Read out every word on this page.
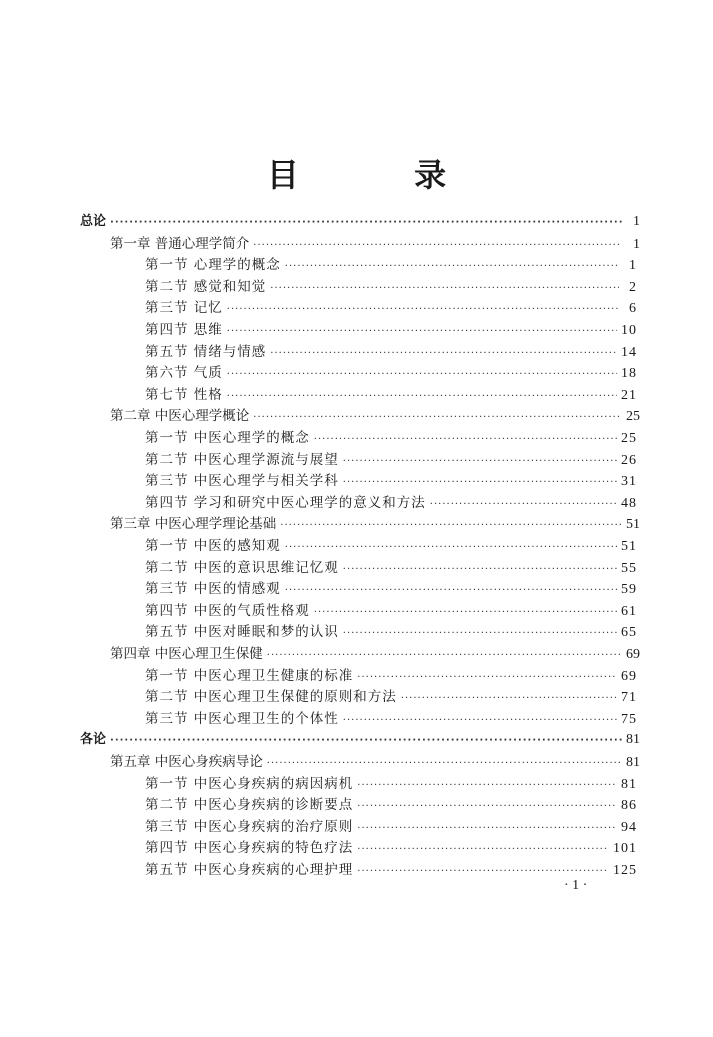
目 录
总论 ·····	1
第一章 普通心理学简介 ·····	1
第一节 心理学的概念 ·····	1
第二节 感觉和知觉 ·····	2
第三节 记忆 ·····	6
第四节 思维 ·····	10
第五节 情绪与情感 ·····	14
第六节 气质 ·····	18
第七节 性格 ·····	21
第二章 中医心理学概论 ·····	25
第一节 中医心理学的概念 ·····	25
第二节 中医心理学源流与展望 ·····	26
第三节 中医心理学与相关学科 ·····	31
第四节 学习和研究中医心理学的意义和方法 ·····	48
第三章 中医心理学理论基础 ·····	51
第一节 中医的感知观 ·····	51
第二节 中医的意识思维记忆观 ·····	55
第三节 中医的情感观 ·····	59
第四节 中医的气质性格观 ·····	61
第五节 中医对睡眠和梦的认识 ·····	65
第四章 中医心理卫生保健 ·····	69
第一节 中医心理卫生健康的标准 ·····	69
第二节 中医心理卫生保健的原则和方法 ·····	71
第三节 中医心理卫生的个体性 ·····	75
各论 ·····	81
第五章 中医心身疾病导论 ·····	81
第一节 中医心身疾病的病因病机 ·····	81
第二节 中医心身疾病的诊断要点 ·····	86
第三节 中医心身疾病的治疗原则 ·····	94
第四节 中医心身疾病的特色疗法 ·····	101
第五节 中医心身疾病的心理护理 ·····	125
· 1 ·
